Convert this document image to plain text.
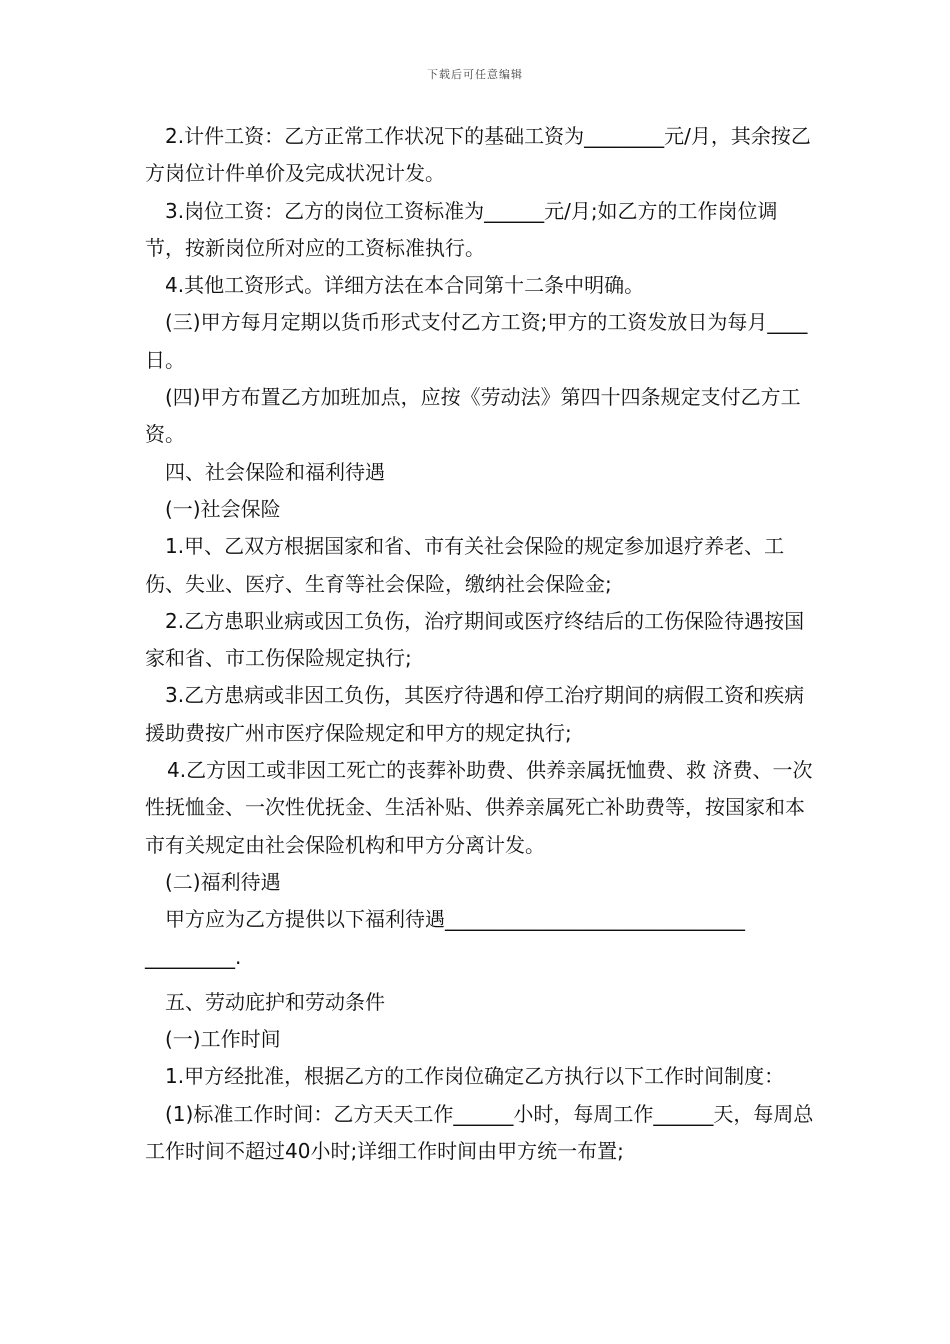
下载后可任意编辑

2.计件工资：乙方正常工作状况下的基础工资为________元/月，其余按乙方岗位计件单价及完成状况计发。

3.岗位工资：乙方的岗位工资标准为______元/月;如乙方的工作岗位调节，按新岗位所对应的工资标准执行。

4.其他工资形式。详细方法在本合同第十二条中明确。

(三)甲方每月定期以货币形式支付乙方工资;甲方的工资发放日为每月____日。

(四)甲方布置乙方加班加点，应按《劳动法》第四十四条规定支付乙方工资。

四、社会保险和福利待遇

(一)社会保险

1.甲、乙双方根据国家和省、市有关社会保险的规定参加退疗养老、工伤、失业、医疗、生育等社会保险，缴纳社会保险金;

2.乙方患职业病或因工负伤，治疗期间或医疗终结后的工伤保险待遇按国家和省、市工伤保险规定执行;

3.乙方患病或非因工负伤，其医疗待遇和停工治疗期间的病假工资和疾病援助费按广州市医疗保险规定和甲方的规定执行;

4.乙方因工或非因工死亡的丧葬补助费、供养亲属抚恤费、救 济费、一次性抚恤金、一次性优抚金、生活补贴、供养亲属死亡补助费等，按国家和本市有关规定由社会保险机构和甲方分离计发。

(二)福利待遇

甲方应为乙方提供以下福利待遇______________________________

_________.

五、劳动庇护和劳动条件

(一)工作时间

1.甲方经批准，根据乙方的工作岗位确定乙方执行以下工作时间制度：

(1)标准工作时间：乙方天天工作______小时，每周工作______天，每周总工作时间不超过40小时;详细工作时间由甲方统一布置;
